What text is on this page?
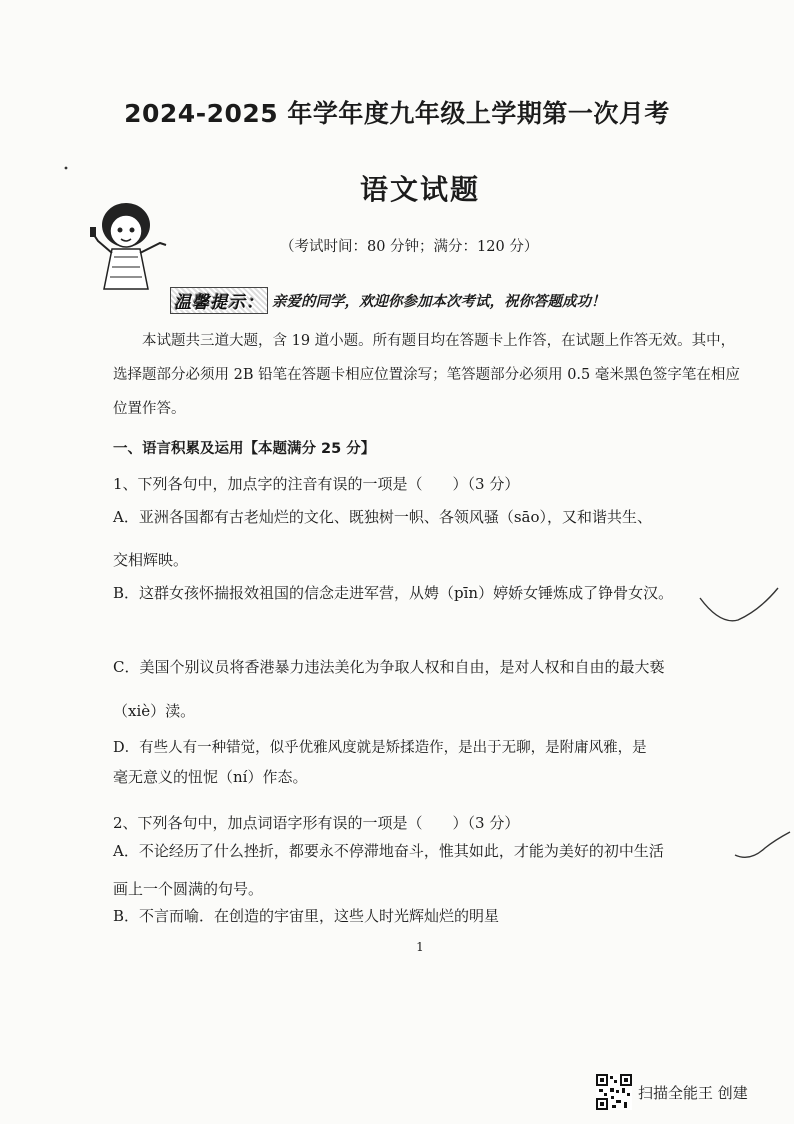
2024-2025 年学年度九年级上学期第一次月考
语文试题
（考试时间：80 分钟；满分：120 分）
温馨提示： 亲爱的同学，欢迎你参加本次考试，祝你答题成功！
本试题共三道大题，含 19 道小题。所有题目均在答题卡上作答，在试题上作答无效。其中，选择题部分必须用 2B 铅笔在答题卡相应位置涂写；笔答题部分必须用 0.5 毫米黑色签字笔在相应位置作答。
一、语言积累及运用【本题满分 25 分】
1、下列各句中，加点字的注音有误的一项是（　　）（3 分）
A．亚洲各国都有古老灿烂的文化、既独树一帜、各领风骚（sāo），又和谐共生、
交相辉映。
B．这群女孩怀揣报效祖国的信念走进军营，从娉（pīn）婷娇女锤炼成了铮骨女汉。
C．美国个别议员将香港暴力违法美化为争取人权和自由，是对人权和自由的最大亵
（xiè）渎。
D．有些人有一种错觉，似乎优雅风度就是矫揉造作，是出于无聊，是附庸风雅，是
毫无意义的忸怩（ní）作态。
2、下列各句中，加点词语字形有误的一项是（　　）（3 分）
A．不论经历了什么挫折，都要永不停滞地奋斗，惟其如此，才能为美好的初中生活
画上一个圆满的句号。
B．不言而喻．在创造的宇宙里，这些人时光辉灿烂的明星
1
扫描全能王 创建
